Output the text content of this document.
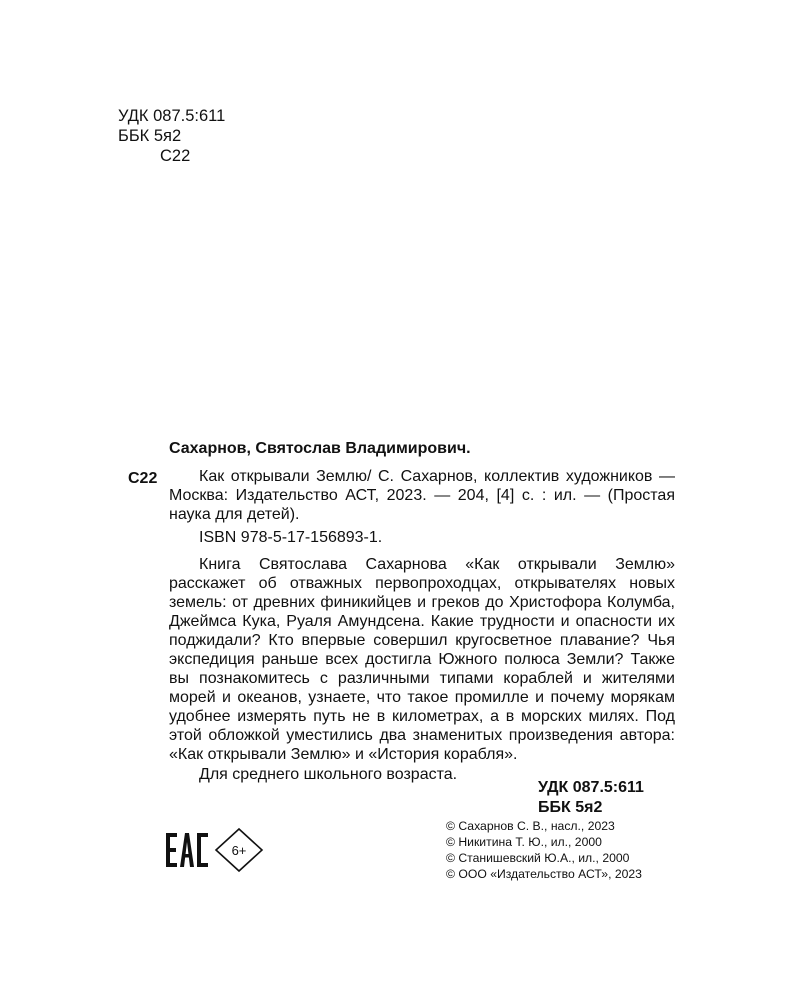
УДК 087.5:611
ББК 5я2
С22
Сахарнов, Святослав Владимирович.
С22	Как открывали Землю/ С. Сахарнов, коллектив художников — Москва: Издательство АСТ, 2023. — 204, [4] с. : ил. — (Простая наука для детей).

ISBN 978-5-17-156893-1.

Книга Святослава Сахарнова «Как открывали Землю» расскажет об отважных первопроходцах, открывателях новых земель: от древних финикийцев и греков до Христофора Колумба, Джеймса Кука, Руаля Амундсена. Какие трудности и опасности их поджидали? Кто впервые совершил кругосветное плавание? Чья экспедиция раньше всех достигла Южного полюса Земли? Также вы познакомитесь с различными типами кораблей и жителями морей и океанов, узнаете, что такое промилле и почему морякам удобнее измерять путь не в километрах, а в морских милях. Под этой обложкой уместились два знаменитых произведения автора: «Как открывали Землю» и «История корабля».

Для среднего школьного возраста.
УДК 087.5:611
ББК 5я2
© Сахарнов С. В., насл., 2023
© Никитина Т. Ю., ил., 2000
© Станишевский Ю.А., ил., 2000
© ООО «Издательство АСТ», 2023
6+
